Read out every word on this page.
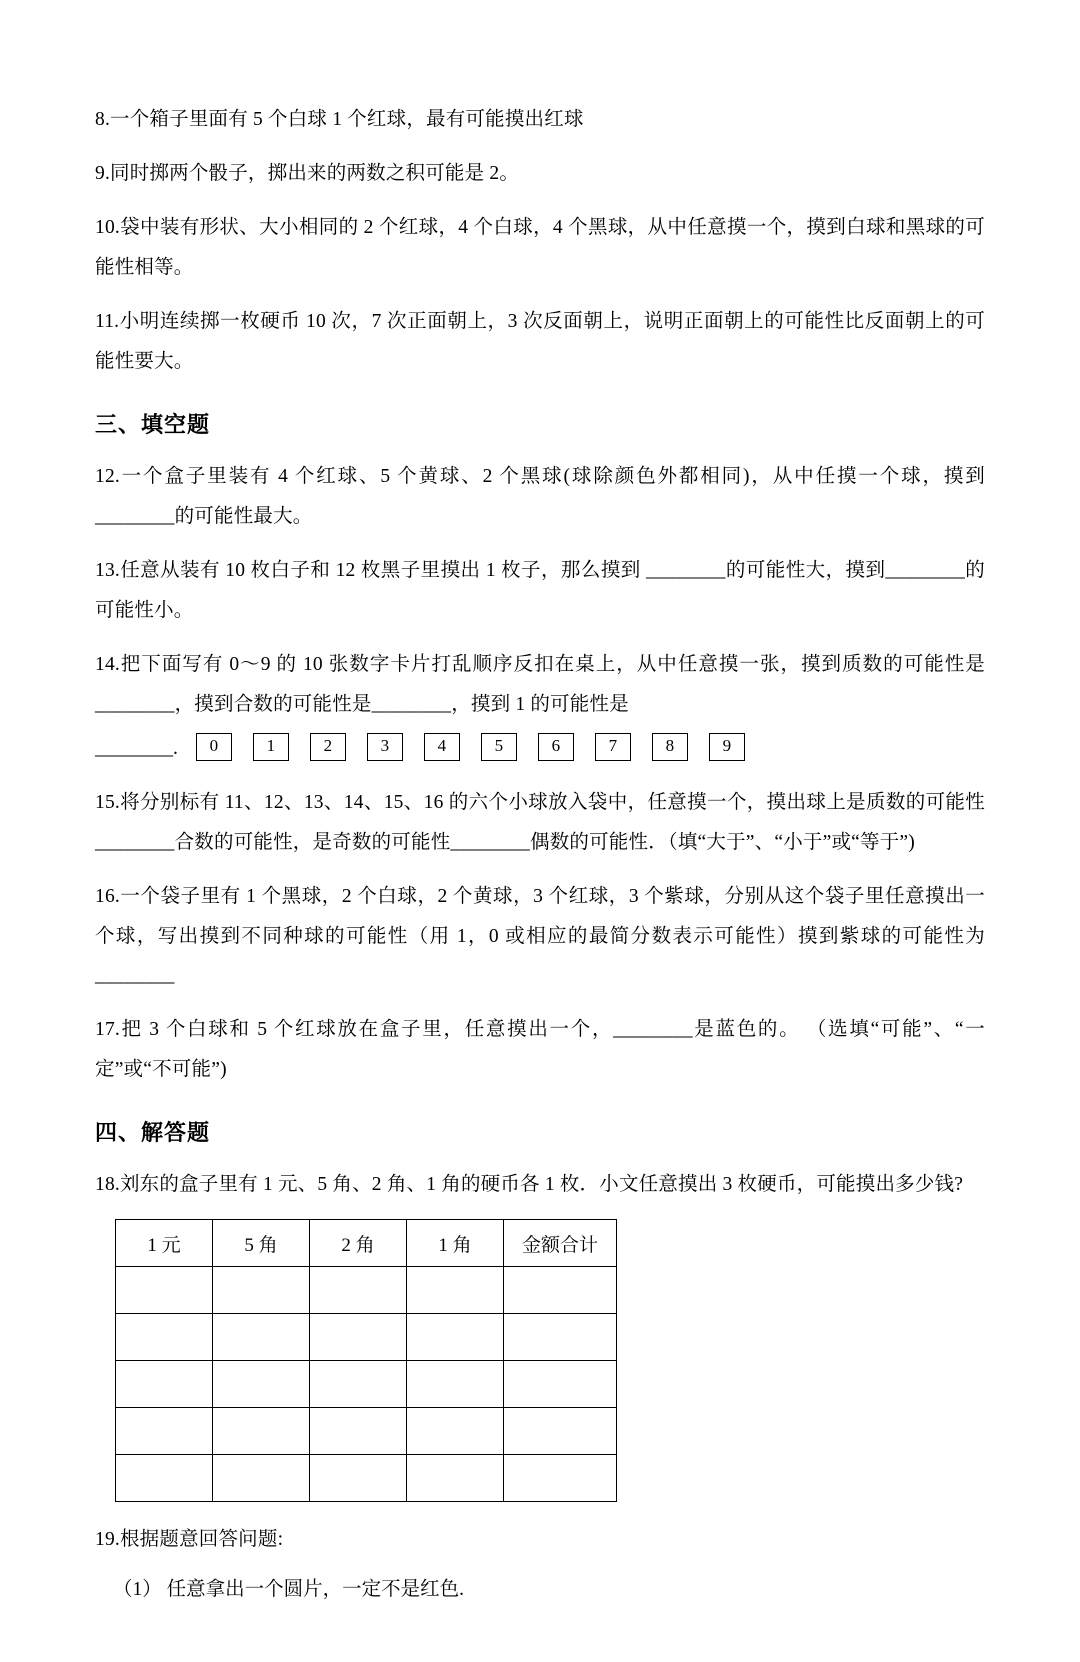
8.一个箱子里面有 5 个白球 1 个红球，最有可能摸出红球

9.同时掷两个骰子，掷出来的两数之积可能是 2。

10.袋中装有形状、大小相同的 2 个红球，4 个白球，4 个黑球，从中任意摸一个，摸到白球和黑球的可能性相等。

11.小明连续掷一枚硬币 10 次，7 次正面朝上，3 次反面朝上，说明正面朝上的可能性比反面朝上的可能性要大。

三、填空题

12.一个盒子里装有 4 个红球、5 个黄球、2 个黑球(球除颜色外都相同)，从中任摸一个球，摸到________的可能性最大。

13.任意从装有 10 枚白子和 12 枚黑子里摸出 1 枚子，那么摸到 ________的可能性大，摸到________的可能性小。

14.把下面写有 0～9 的 10 张数字卡片打乱顺序反扣在桌上，从中任意摸一张，摸到质数的可能性是________，摸到合数的可能性是________，摸到 1 的可能性是

________.	0	1	2	3	4	5	6	7	8	9

15.将分别标有 11、12、13、14、15、16 的六个小球放入袋中，任意摸一个，摸出球上是质数的可能性________合数的可能性，是奇数的可能性________偶数的可能性．（填“大于”、“小于”或“等于”)

16.一个袋子里有 1 个黑球，2 个白球，2 个黄球，3 个红球，3 个紫球，分别从这个袋子里任意摸出一个球，写出摸到不同种球的可能性（用 1，0 或相应的最简分数表示可能性）摸到紫球的可能性为________

17.把 3 个白球和 5 个红球放在盒子里，任意摸出一个，________是蓝色的。 （选填“可能”、“一定”或“不可能”)

四、解答题

18.刘东的盒子里有 1 元、5 角、2 角、1 角的硬币各 1 枚．小文任意摸出 3 枚硬币，可能摸出多少钱?

1 元	5 角	2 角	1 角	金额合计

19.根据题意回答问题:

（1） 任意拿出一个圆片，一定不是红色.
